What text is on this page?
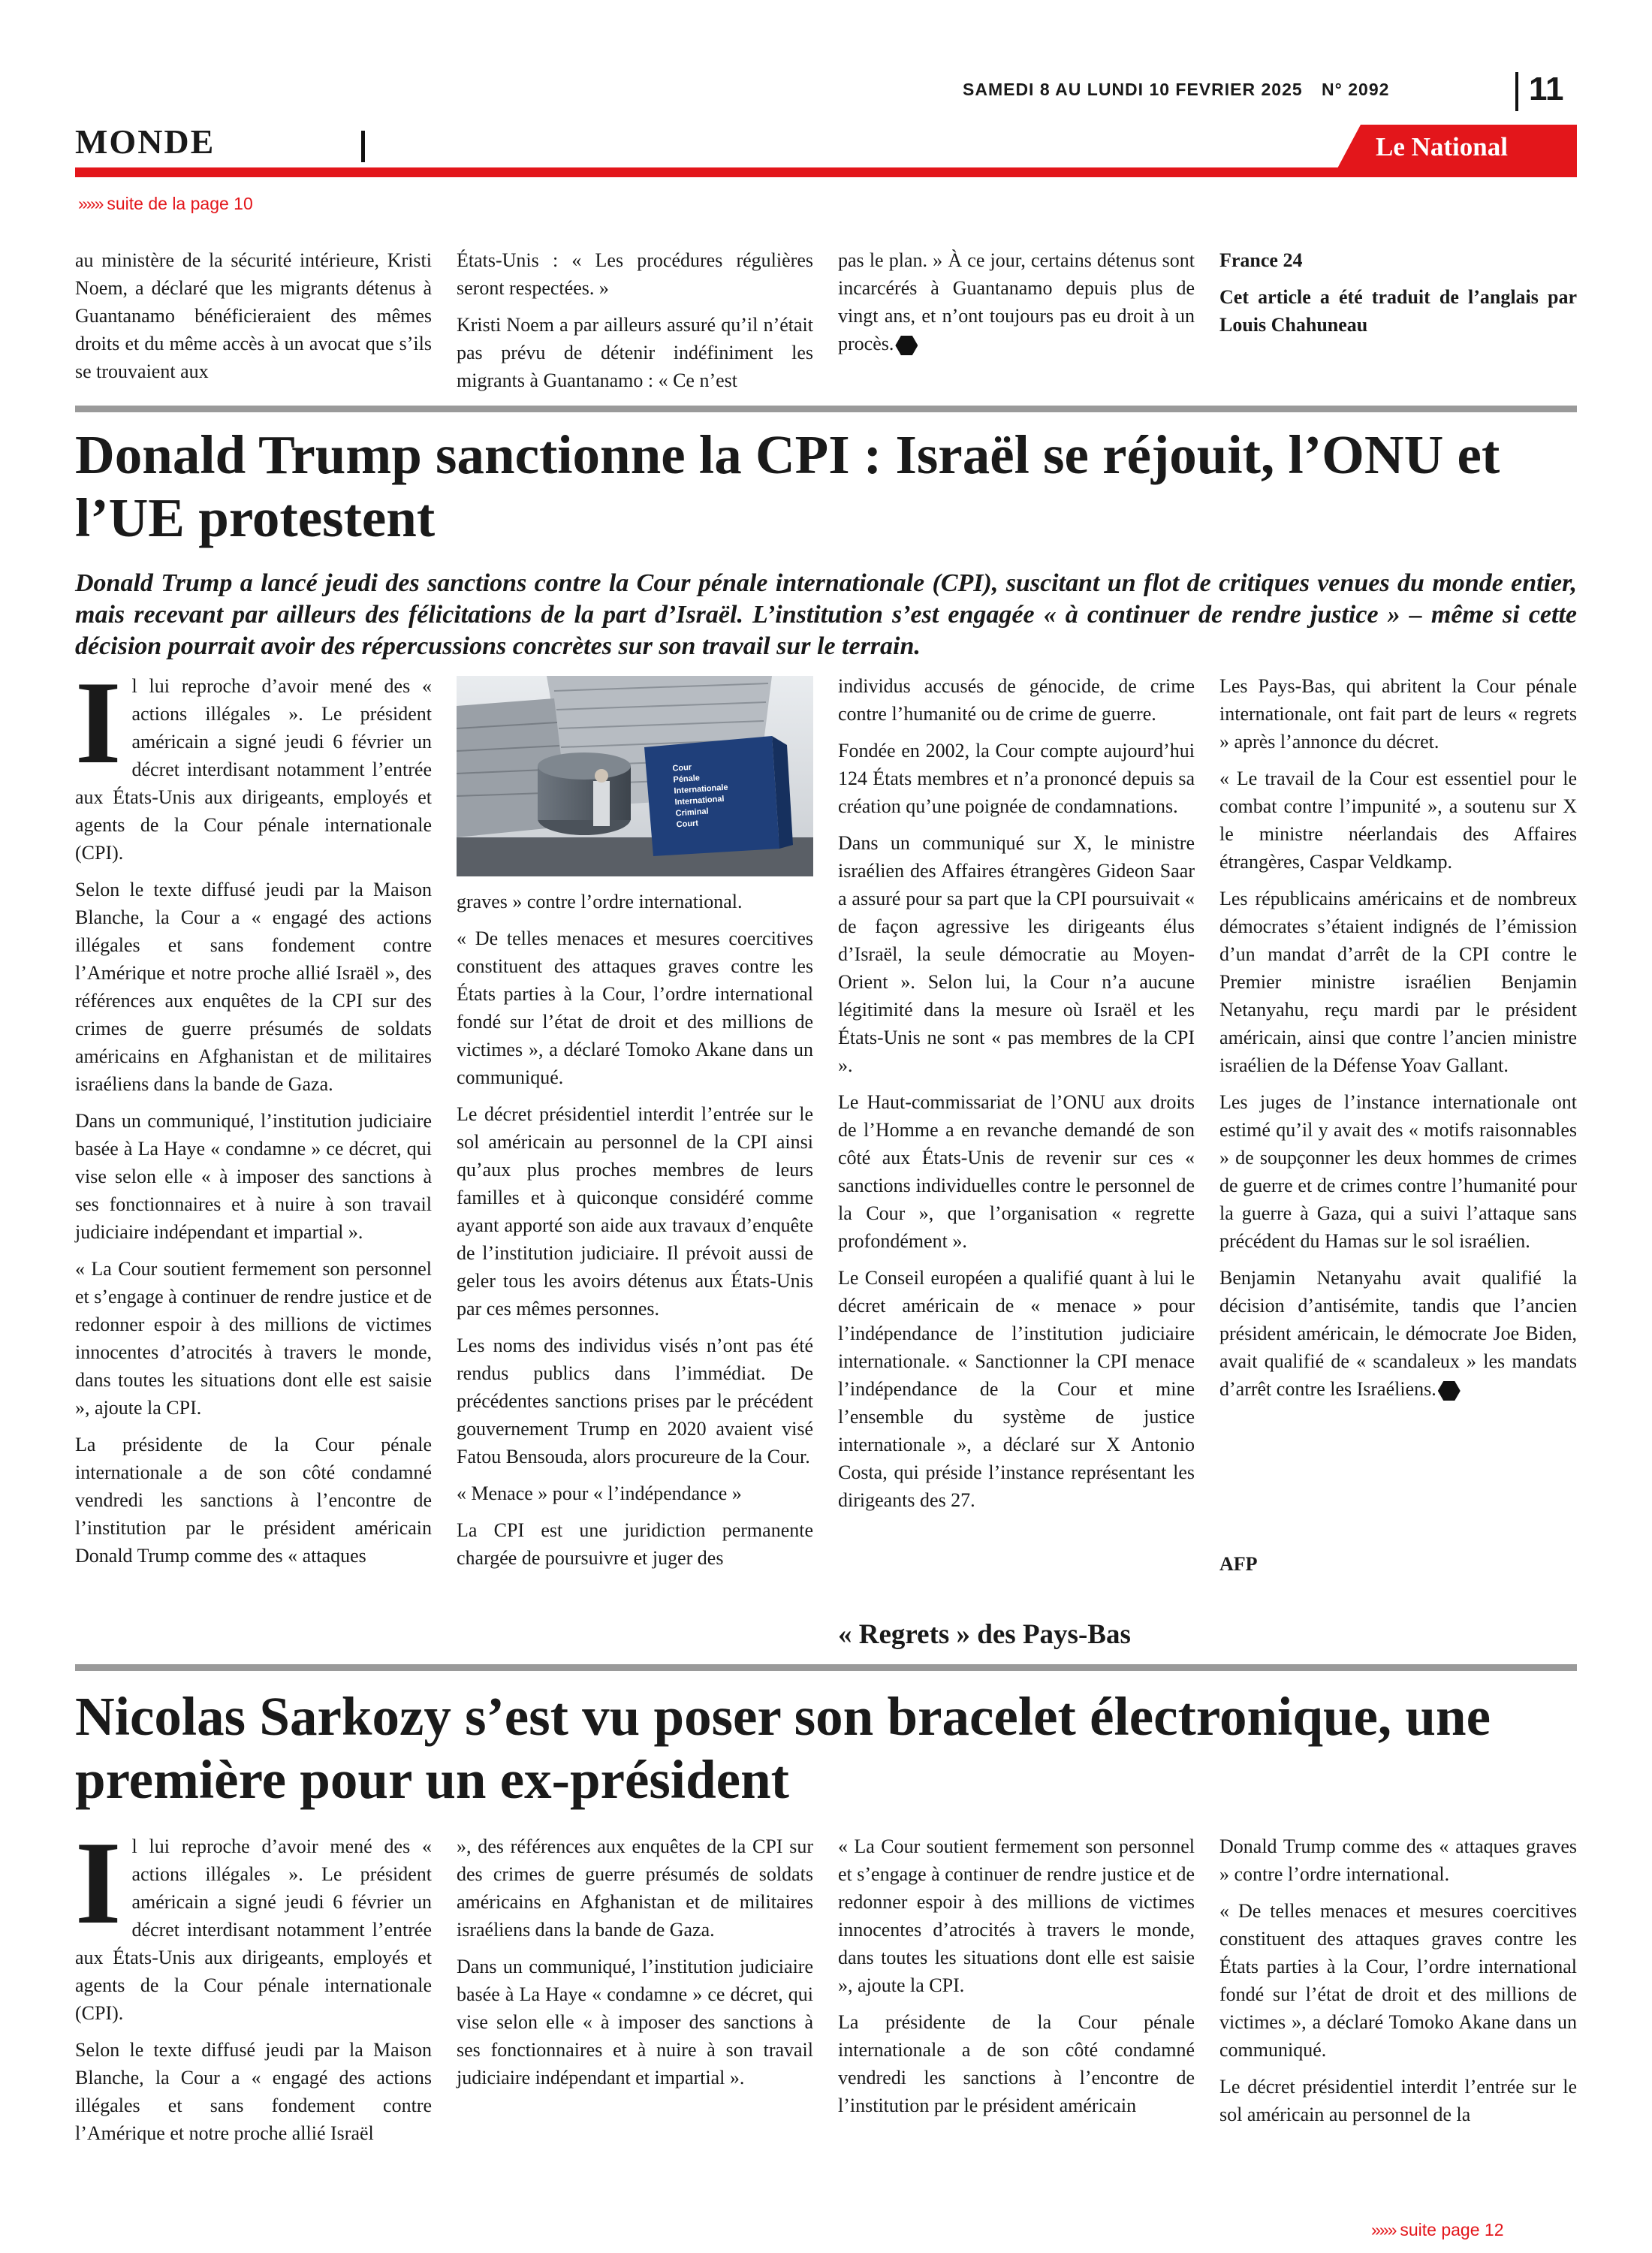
SAMEDI 8 AU LUNDI 10 FEVRIER 2025 N° 2092	11
MONDE	Le National
»»» suite de la page 10

au ministère de la sécurité intérieure, Kristi Noem, a déclaré que les migrants détenus à Guantanamo bénéficieraient des mêmes droits et du même accès à un avocat que s’ils se trouvaient aux

États-Unis : « Les procédures régulières seront respectées. »

Kristi Noem a par ailleurs assuré qu’il n’était pas prévu de détenir indéfiniment les migrants à Guantanamo : « Ce n’est

pas le plan. » À ce jour, certains détenus sont incarcérés à Guantanamo depuis plus de vingt ans, et n’ont toujours pas eu droit à un procès.

France 24

Cet article a été traduit de l’anglais par Louis Chahuneau

Donald Trump sanctionne la CPI : Israël se réjouit, l’ONU et l’UE protestent
Donald Trump a lancé jeudi des sanctions contre la Cour pénale internationale (CPI), suscitant un flot de critiques venues du monde entier, mais recevant par ailleurs des félicitations de la part d’Israël. L’institution s’est engagée « à continuer de rendre justice » – même si cette décision pourrait avoir des répercussions concrètes sur son travail sur le terrain.
I l lui reproche d’avoir mené des « actions illégales ». Le président américain a signé jeudi 6 février un décret interdisant notamment l’entrée aux États-Unis aux dirigeants, employés et agents de la Cour pénale internationale (CPI).

Selon le texte diffusé jeudi par la Maison Blanche, la Cour a « engagé des actions illégales et sans fondement contre l’Amérique et notre proche allié Israël », des références aux enquêtes de la CPI sur des crimes de guerre présumés de soldats américains en Afghanistan et de militaires israéliens dans la bande de Gaza.

Dans un communiqué, l’institution judiciaire basée à La Haye « condamne » ce décret, qui vise selon elle « à imposer des sanctions à ses fonctionnaires et à nuire à son travail judiciaire indépendant et impartial ».

« La Cour soutient fermement son personnel et s’engage à continuer de rendre justice et de redonner espoir à des millions de victimes innocentes d’atrocités à travers le monde, dans toutes les situations dont elle est saisie », ajoute la CPI.

La présidente de la Cour pénale internationale a de son côté condamné vendredi les sanctions à l’encontre de l’institution par le président américain Donald Trump comme des « attaques

Cour
Pénale
Internationale
International
Criminal
Court

graves » contre l’ordre international.

« De telles menaces et mesures coercitives constituent des attaques graves contre les États parties à la Cour, l’ordre international fondé sur l’état de droit et des millions de victimes », a déclaré Tomoko Akane dans un communiqué.

Le décret présidentiel interdit l’entrée sur le sol américain au personnel de la CPI ainsi qu’aux plus proches membres de leurs familles et à quiconque considéré comme ayant apporté son aide aux travaux d’enquête de l’institution judiciaire. Il prévoit aussi de geler tous les avoirs détenus aux États-Unis par ces mêmes personnes.

Les noms des individus visés n’ont pas été rendus publics dans l’immédiat. De précédentes sanctions prises par le précédent gouvernement Trump en 2020 avaient visé Fatou Bensouda, alors procureure de la Cour.

« Menace » pour « l’indépendance »

La CPI est une juridiction permanente chargée de poursuivre et juger des

individus accusés de génocide, de crime contre l’humanité ou de crime de guerre.

Fondée en 2002, la Cour compte aujourd’hui 124 États membres et n’a prononcé depuis sa création qu’une poignée de condamnations.

Dans un communiqué sur X, le ministre israélien des Affaires étrangères Gideon Saar a assuré pour sa part que la CPI poursuivait « de façon agressive les dirigeants élus d’Israël, la seule démocratie au Moyen-Orient ». Selon lui, la Cour n’a aucune légitimité dans la mesure où Israël et les États-Unis ne sont « pas membres de la CPI ».

Le Haut-commissariat de l’ONU aux droits de l’Homme a en revanche demandé de son côté aux États-Unis de revenir sur ces « sanctions individuelles contre le personnel de la Cour », que l’organisation « regrette profondément ».

Le Conseil européen a qualifié quant à lui le décret américain de « menace » pour l’indépendance de l’institution judiciaire internationale. « Sanctionner la CPI menace l’indépendance de la Cour et mine l’ensemble du système de justice internationale », a déclaré sur X Antonio Costa, qui préside l’instance représentant les dirigeants des 27.

« Regrets » des Pays-Bas

Les Pays-Bas, qui abritent la Cour pénale internationale, ont fait part de leurs « regrets » après l’annonce du décret.

« Le travail de la Cour est essentiel pour le combat contre l’impunité », a soutenu sur X le ministre néerlandais des Affaires étrangères, Caspar Veldkamp.

Les républicains américains et de nombreux démocrates s’étaient indignés de l’émission d’un mandat d’arrêt de la CPI contre le Premier ministre israélien Benjamin Netanyahu, reçu mardi par le président américain, ainsi que contre l’ancien ministre israélien de la Défense Yoav Gallant.

Les juges de l’instance internationale ont estimé qu’il y avait des « motifs raisonnables » de soupçonner les deux hommes de crimes de guerre et de crimes contre l’humanité pour la guerre à Gaza, qui a suivi l’attaque sans précédent du Hamas sur le sol israélien.

Benjamin Netanyahu avait qualifié la décision d’antisémite, tandis que l’ancien président américain, le démocrate Joe Biden, avait qualifié de « scandaleux » les mandats d’arrêt contre les Israéliens.

AFP
Nicolas Sarkozy s’est vu poser son bracelet électronique, une première pour un ex-président
I l lui reproche d’avoir mené des « actions illégales ». Le président américain a signé jeudi 6 février un décret interdisant notamment l’entrée aux États-Unis aux dirigeants, employés et agents de la Cour pénale internationale (CPI).

Selon le texte diffusé jeudi par la Maison Blanche, la Cour a « engagé des actions illégales et sans fondement contre l’Amérique et notre proche allié Israël

», des références aux enquêtes de la CPI sur des crimes de guerre présumés de soldats américains en Afghanistan et de militaires israéliens dans la bande de Gaza.

Dans un communiqué, l’institution judiciaire basée à La Haye « condamne » ce décret, qui vise selon elle « à imposer des sanctions à ses fonctionnaires et à nuire à son travail judiciaire indépendant et impartial ».

« La Cour soutient fermement son personnel et s’engage à continuer de rendre justice et de redonner espoir à des millions de victimes innocentes d’atrocités à travers le monde, dans toutes les situations dont elle est saisie », ajoute la CPI.

La présidente de la Cour pénale internationale a de son côté condamné vendredi les sanctions à l’encontre de l’institution par le président américain

Donald Trump comme des « attaques graves » contre l’ordre international.

« De telles menaces et mesures coercitives constituent des attaques graves contre les États parties à la Cour, l’ordre international fondé sur l’état de droit et des millions de victimes », a déclaré Tomoko Akane dans un communiqué.

Le décret présidentiel interdit l’entrée sur le sol américain au personnel de la

»»» suite page 12
